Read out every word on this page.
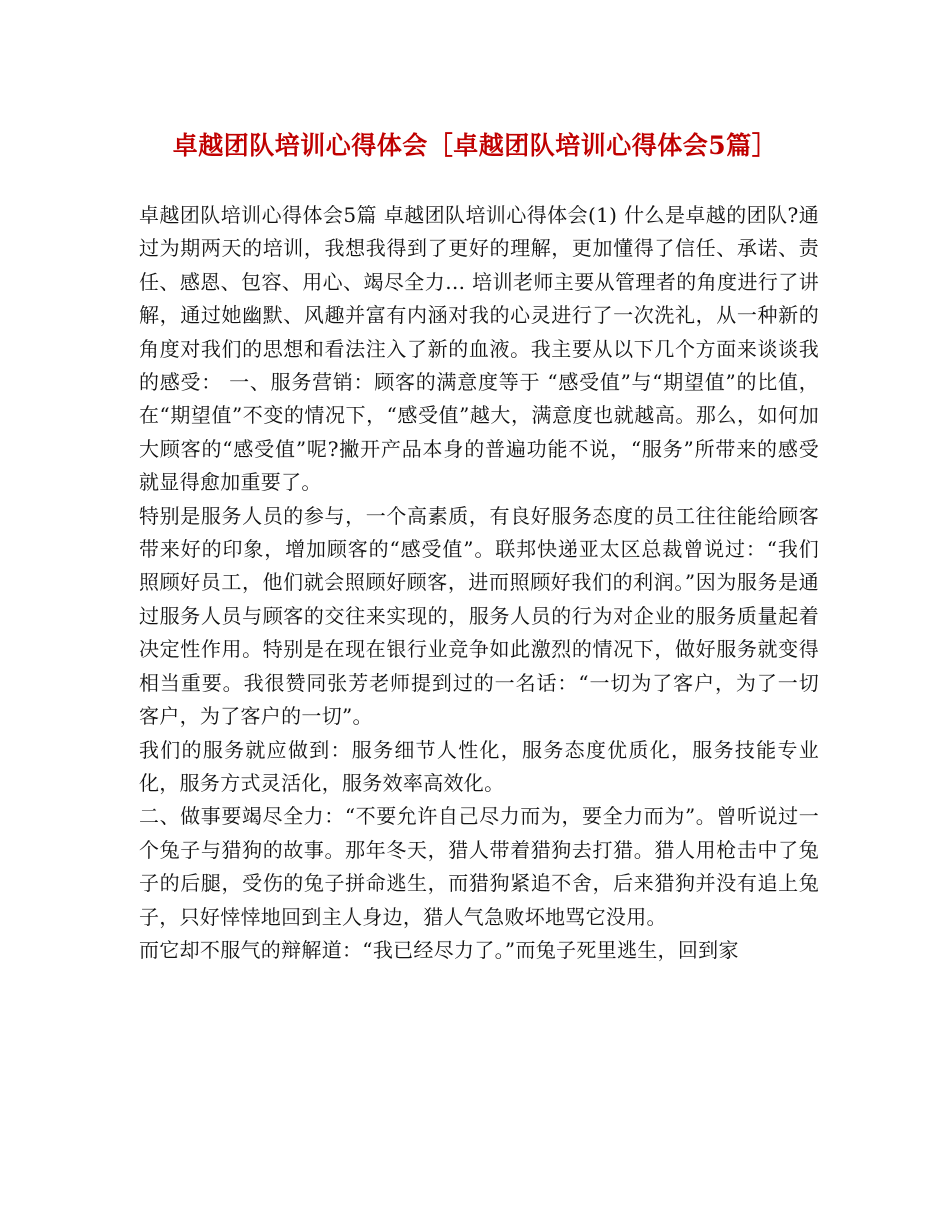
卓越团队培训心得体会［卓越团队培训心得体会5篇］

卓越团队培训心得体会5篇 卓越团队培训心得体会(1) 什么是卓越的团队?通过为期两天的培训，我想我得到了更好的理解，更加懂得了信任、承诺、责任、感恩、包容、用心、竭尽全力… 培训老师主要从管理者的角度进行了讲解，通过她幽默、风趣并富有内涵对我的心灵进行了一次洗礼，从一种新的角度对我们的思想和看法注入了新的血液。我主要从以下几个方面来谈谈我的感受： 一、服务营销：顾客的满意度等于 “感受值”与“期望值”的比值，在“期望值”不变的情况下，“感受值”越大，满意度也就越高。那么，如何加大顾客的“感受值”呢?撇开产品本身的普遍功能不说，“服务”所带来的感受就显得愈加重要了。

特别是服务人员的参与，一个高素质，有良好服务态度的员工往往能给顾客带来好的印象，增加顾客的“感受值”。联邦快递亚太区总裁曾说过：“我们照顾好员工，他们就会照顾好顾客，进而照顾好我们的利润。”因为服务是通过服务人员与顾客的交往来实现的，服务人员的行为对企业的服务质量起着决定性作用。特别是在现在银行业竞争如此激烈的情况下，做好服务就变得相当重要。我很赞同张芳老师提到过的一名话：“一切为了客户，为了一切客户，为了客户的一切”。

我们的服务就应做到：服务细节人性化，服务态度优质化，服务技能专业化，服务方式灵活化，服务效率高效化。

二、做事要竭尽全力：“不要允许自己尽力而为，要全力而为”。曾听说过一个兔子与猎狗的故事。那年冬天，猎人带着猎狗去打猎。猎人用枪击中了兔子的后腿，受伤的兔子拼命逃生，而猎狗紧追不舍，后来猎狗并没有追上兔子，只好悻悻地回到主人身边，猎人气急败坏地骂它没用。

而它却不服气的辩解道：“我已经尽力了。”而兔子死里逃生，回到家
